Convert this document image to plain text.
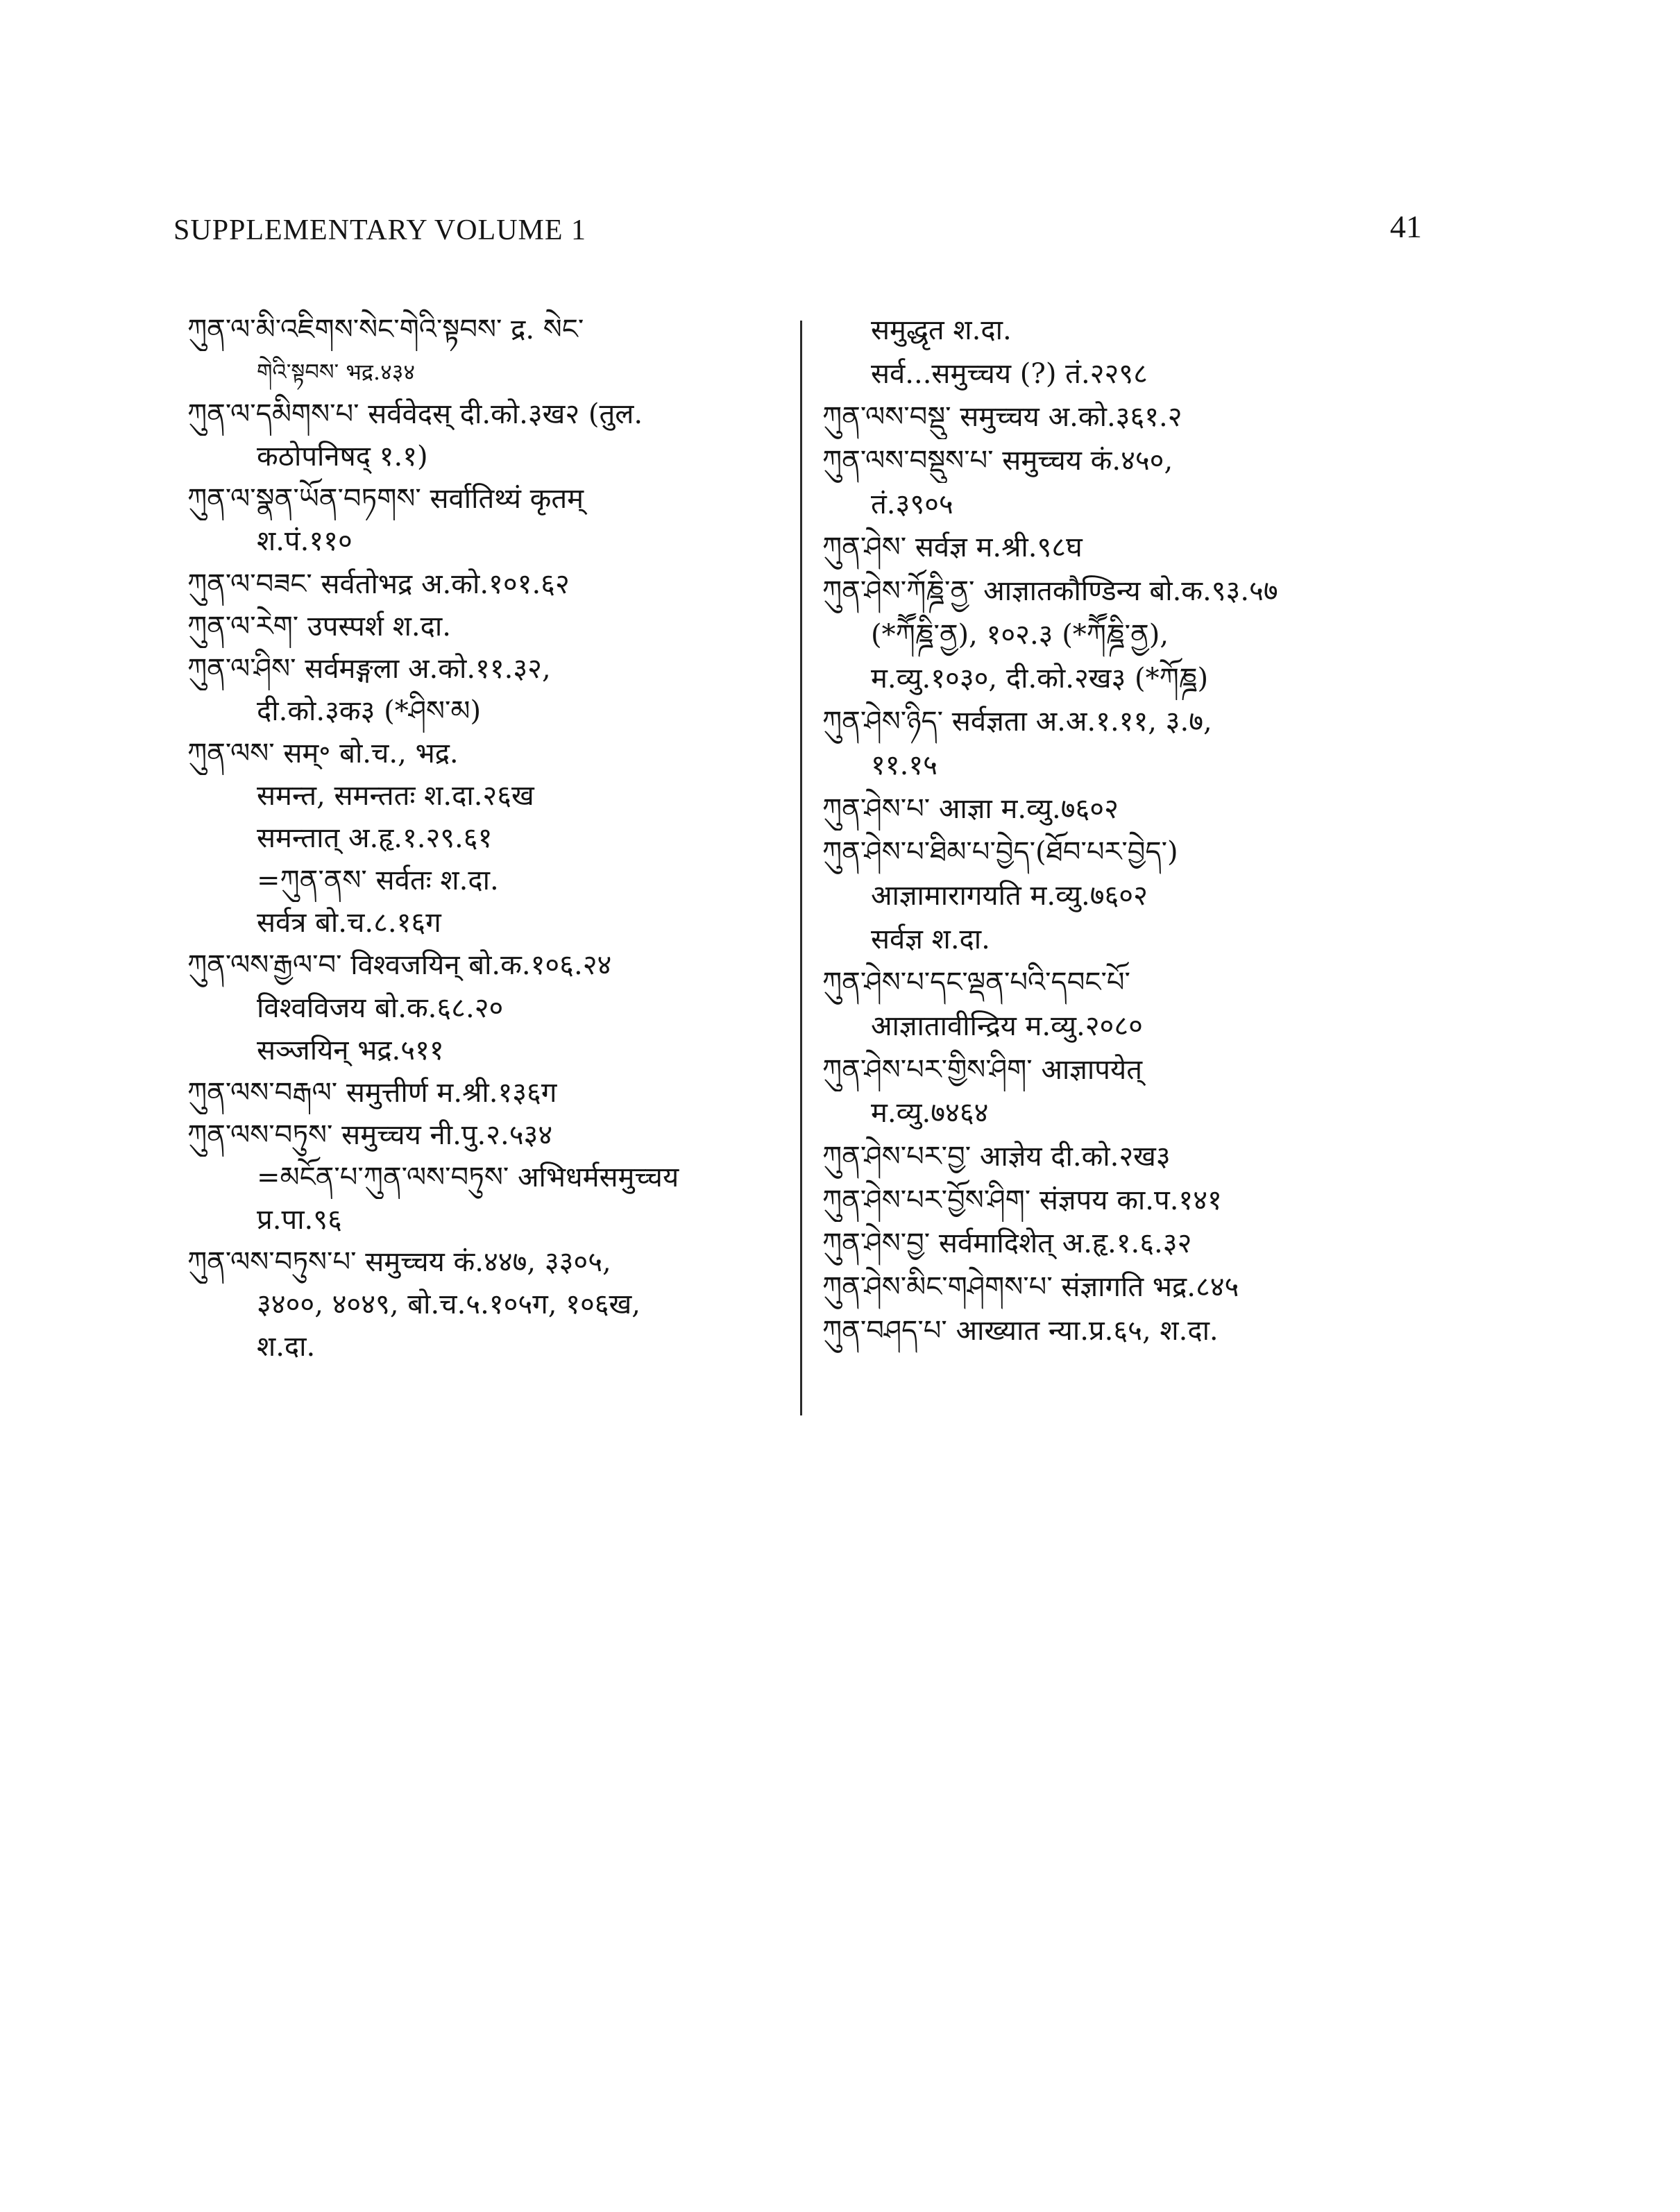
SUPPLEMENTARY VOLUME 1	41
ཀུན་ལ་མི་འཇིགས་སེང་གེའི་སྟབས་ द्र. སེང་
གེའི་སྟབས་ भद्र.४३४
ཀུན་ལ་དམིགས་པ་ सर्ववेदस् दी.को.३ख२ (तुल.
कठोपनिषद् १.१)
ཀུན་ལ་སྣན་ཡོན་བཏགས་ सर्वातिथ्यं कृतम्
श.पं.११०
ཀུན་ལ་བཟང་ सर्वतोभद्र अ.को.१०१.६२
ཀུན་ལ་རེག་ उपस्पर्श श.दा.
ཀུན་ལ་ཤིས་ सर्वमङ्गला अ.को.११.३२,
दी.को.३क३ (*ཤིས་མ)
ཀུན་ལས་ सम्॰ बो.च., भद्र.
समन्त, समन्ततः श.दा.२६ख
समन्तात् अ.हृ.१.२९.६१
=ཀུན་ནས་ सर्वतः श.दा.
सर्वत्र बो.च.८.१६ग
ཀུན་ལས་རྒྱལ་བ་ विश्वजयिन् बो.क.१०६.२४
विश्वविजय बो.क.६८.२०
सञ्जयिन् भद्र.५११
ཀུན་ལས་བརྒལ་ समुत्तीर्ण म.श्री.१३६ग
ཀུན་ལས་བཏུས་ समुच्चय नी.पु.२.५३४
=མངོན་པ་ཀུན་ལས་བཏུས་ अभिधर्मसमुच्चय
प्र.पा.९६
ཀུན་ལས་བཏུས་པ་ समुच्चय कं.४४७, ३३०५,
३४००, ४०४९, बो.च.५.१०५ग, १०६ख,
श.दा.
समुद्धृत श.दा.
सर्व...समुच्चय (?) तं.२२९८
ཀུན་ལས་བསྡུ་ समुच्चय अ.को.३६१.२
ཀུན་ལས་བསྡུས་པ་ समुच्चय कं.४५०,
तं.३९०५
ཀུན་ཤེས་ सर्वज्ञ म.श्री.९८घ
ཀུན་ཤེས་ཀོཎྜི་ནྱ་ आज्ञातकौण्डिन्य बो.क.९३.५७
(*ཀཽཎྜི་ནྱ), १०२.३ (*ཀཽཎྜི་ནྱ),
म.व्यु.१०३०, दी.को.२ख३ (*ཀོཎྜ)
ཀུན་ཤེས་ཉིད་ सर्वज्ञता अ.अ.१.११, ३.७,
११.१५
ཀུན་ཤེས་པ་ आज्ञा म.व्यु.७६०२
ཀུན་ཤེས་པ་ཐིམ་པ་བྱེད་(ཐོབ་པར་བྱེད་)
आज्ञामारागयति म.व्यु.७६०२
सर्वज्ञ श.दा.
ཀུན་ཤེས་པ་དང་ལྡན་པའི་དབང་པོ་
आज्ञातावीन्द्रिय म.व्यु.२०८०
ཀུན་ཤེས་པར་གྱིས་ཤིག་ आज्ञापयेत्
म.व्यु.७४६४
ཀུན་ཤེས་པར་བྱ་ आज्ञेय दी.को.२ख३
ཀུན་ཤེས་པར་བྱོས་ཤིག་ संज्ञपय का.प.१४१
ཀུན་ཤེས་བྱ་ सर्वमादिशेत् अ.हृ.१.६.३२
ཀུན་ཤེས་མིང་གཤེགས་པ་ संज्ञागति भद्र.८४५
ཀུན་བཤད་པ་ आख्यात न्या.प्र.६५, श.दा.
